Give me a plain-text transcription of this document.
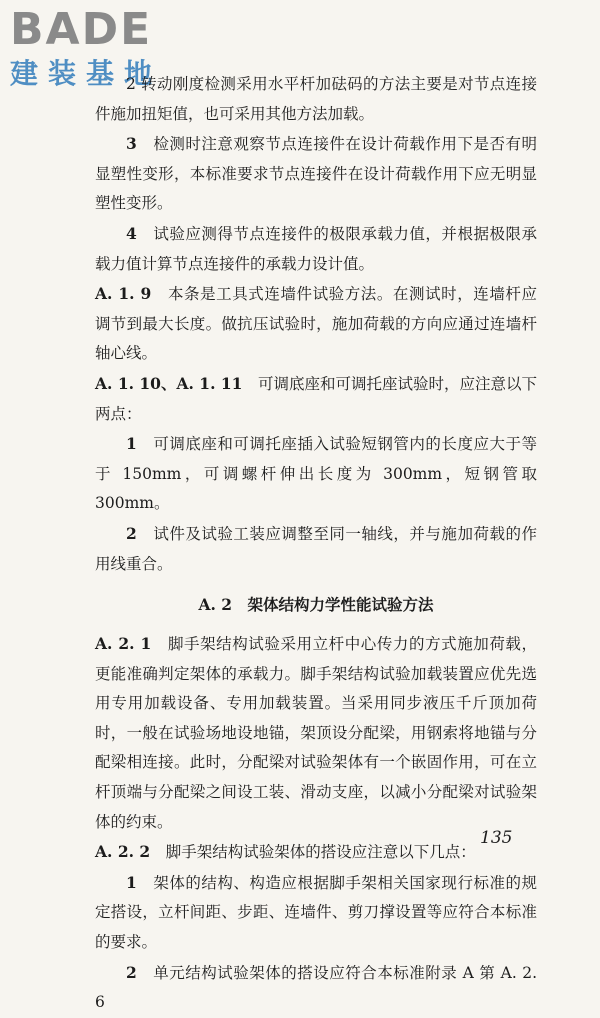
BADE
建装基地

2 转动刚度检测采用水平杆加砝码的方法主要是对节点连接件施加扭矩值，也可采用其他方法加载。

3　 检测时注意观察节点连接件在设计荷载作用下是否有明显塑性变形，本标准要求节点连接件在设计荷载作用下应无明显塑性变形。

4　 试验应测得节点连接件的极限承载力值，并根据极限承载力值计算节点连接件的承载力设计值。

A. 1. 9　 本条是工具式连墙件试验方法。在测试时，连墙杆应调节到最大长度。做抗压试验时，施加荷载的方向应通过连墙杆轴心线。

A. 1. 10、A. 1. 11　 可调底座和可调托座试验时，应注意以下两点：

1　 可调底座和可调托座插入试验短钢管内的长度应大于等于 150mm，可调螺杆伸出长度为 300mm，短钢管取 300mm。

2　 试件及试验工装应调整至同一轴线，并与施加荷载的作用线重合。

A. 2　架体结构力学性能试验方法

A. 2. 1　 脚手架结构试验采用立杆中心传力的方式施加荷载，更能准确判定架体的承载力。脚手架结构试验加载装置应优先选用专用加载设备、专用加载装置。当采用同步液压千斤顶加荷时，一般在试验场地设地锚，架顶设分配梁，用钢索将地锚与分配梁相连接。此时，分配梁对试验架体有一个嵌固作用，可在立杆顶端与分配梁之间设工装、滑动支座，以减小分配梁对试验架体的约束。

A. 2. 2　 脚手架结构试验架体的搭设应注意以下几点：

1　 架体的结构、构造应根据脚手架相关国家现行标准的规定搭设，立杆间距、步距、连墙件、剪刀撑设置等应符合本标准的要求。

2　 单元结构试验架体的搭设应符合本标准附录 A 第 A. 2. 6

135
